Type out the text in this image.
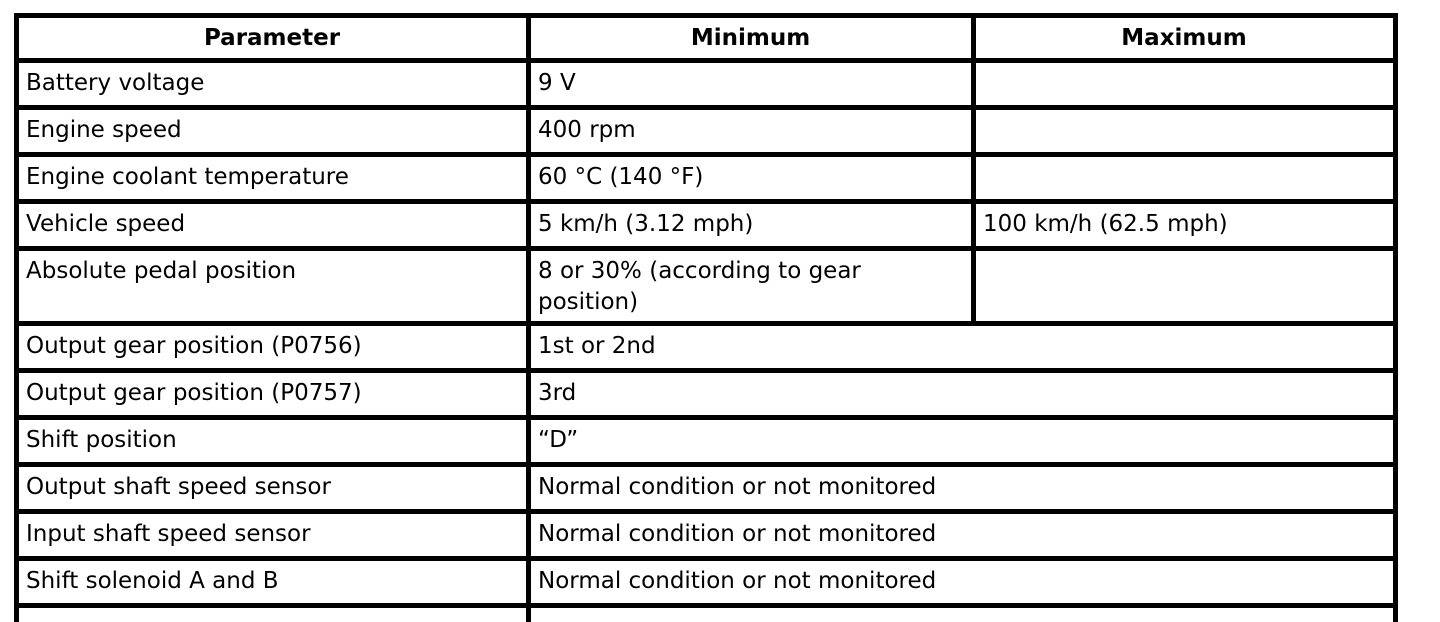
Parameter	Minimum	Maximum
Battery voltage	9 V	
Engine speed	400 rpm	
Engine coolant temperature	60 °C (140 °F)	
Vehicle speed	5 km/h (3.12 mph)	100 km/h (62.5 mph)
Absolute pedal position	8 or 30% (according to gear position)	
Output gear position (P0756)	1st or 2nd	
Output gear position (P0757)	3rd	
Shift position	“D”	
Output shaft speed sensor	Normal condition or not monitored	
Input shaft speed sensor	Normal condition or not monitored	
Shift solenoid A and B	Normal condition or not monitored	
